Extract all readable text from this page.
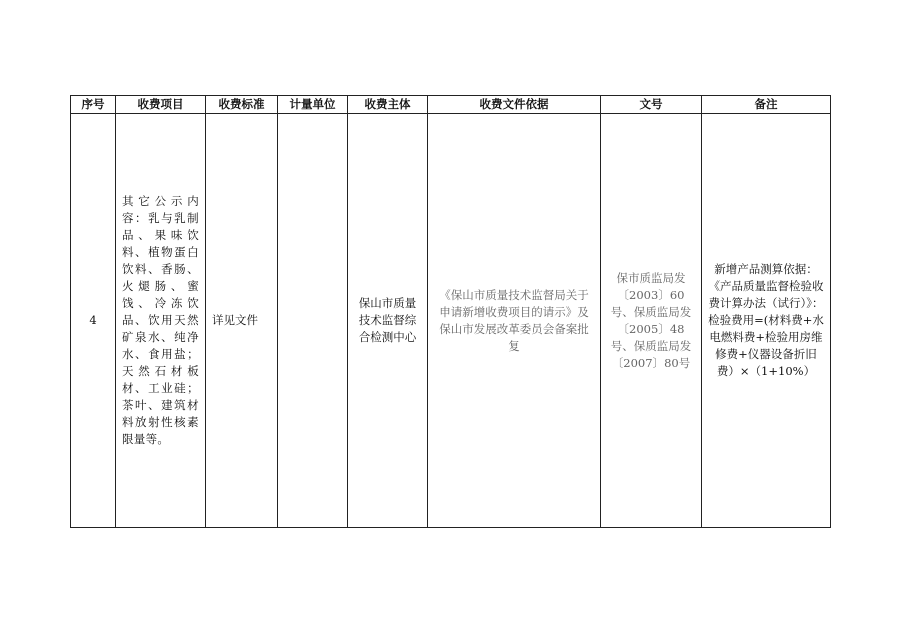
序号	收费项目	收费标准	计量单位	收费主体	收费文件依据	文号	备注
4	其它公示内容：乳与乳制品、果味饮料、植物蛋白饮料、香肠、火煺肠、蜜饯、冷冻饮品、饮用天然矿泉水、纯净水、食用盐；天然石材板材、工业硅；茶叶、建筑材料放射性核素限量等。	详见文件		保山市质量技术监督综合检测中心	《保山市质量技术监督局关于申请新增收费项目的请示》及保山市发展改革委员会备案批复	保市质监局发〔2003〕60号、保质监局发〔2005〕48号、保质监局发〔2007〕80号	新增产品测算依据：《产品质量监督检验收费计算办法（试行）》：检验费用=(材料费+水电燃料费+检验用房维修费+仪器设备折旧费）×（1+10%）
